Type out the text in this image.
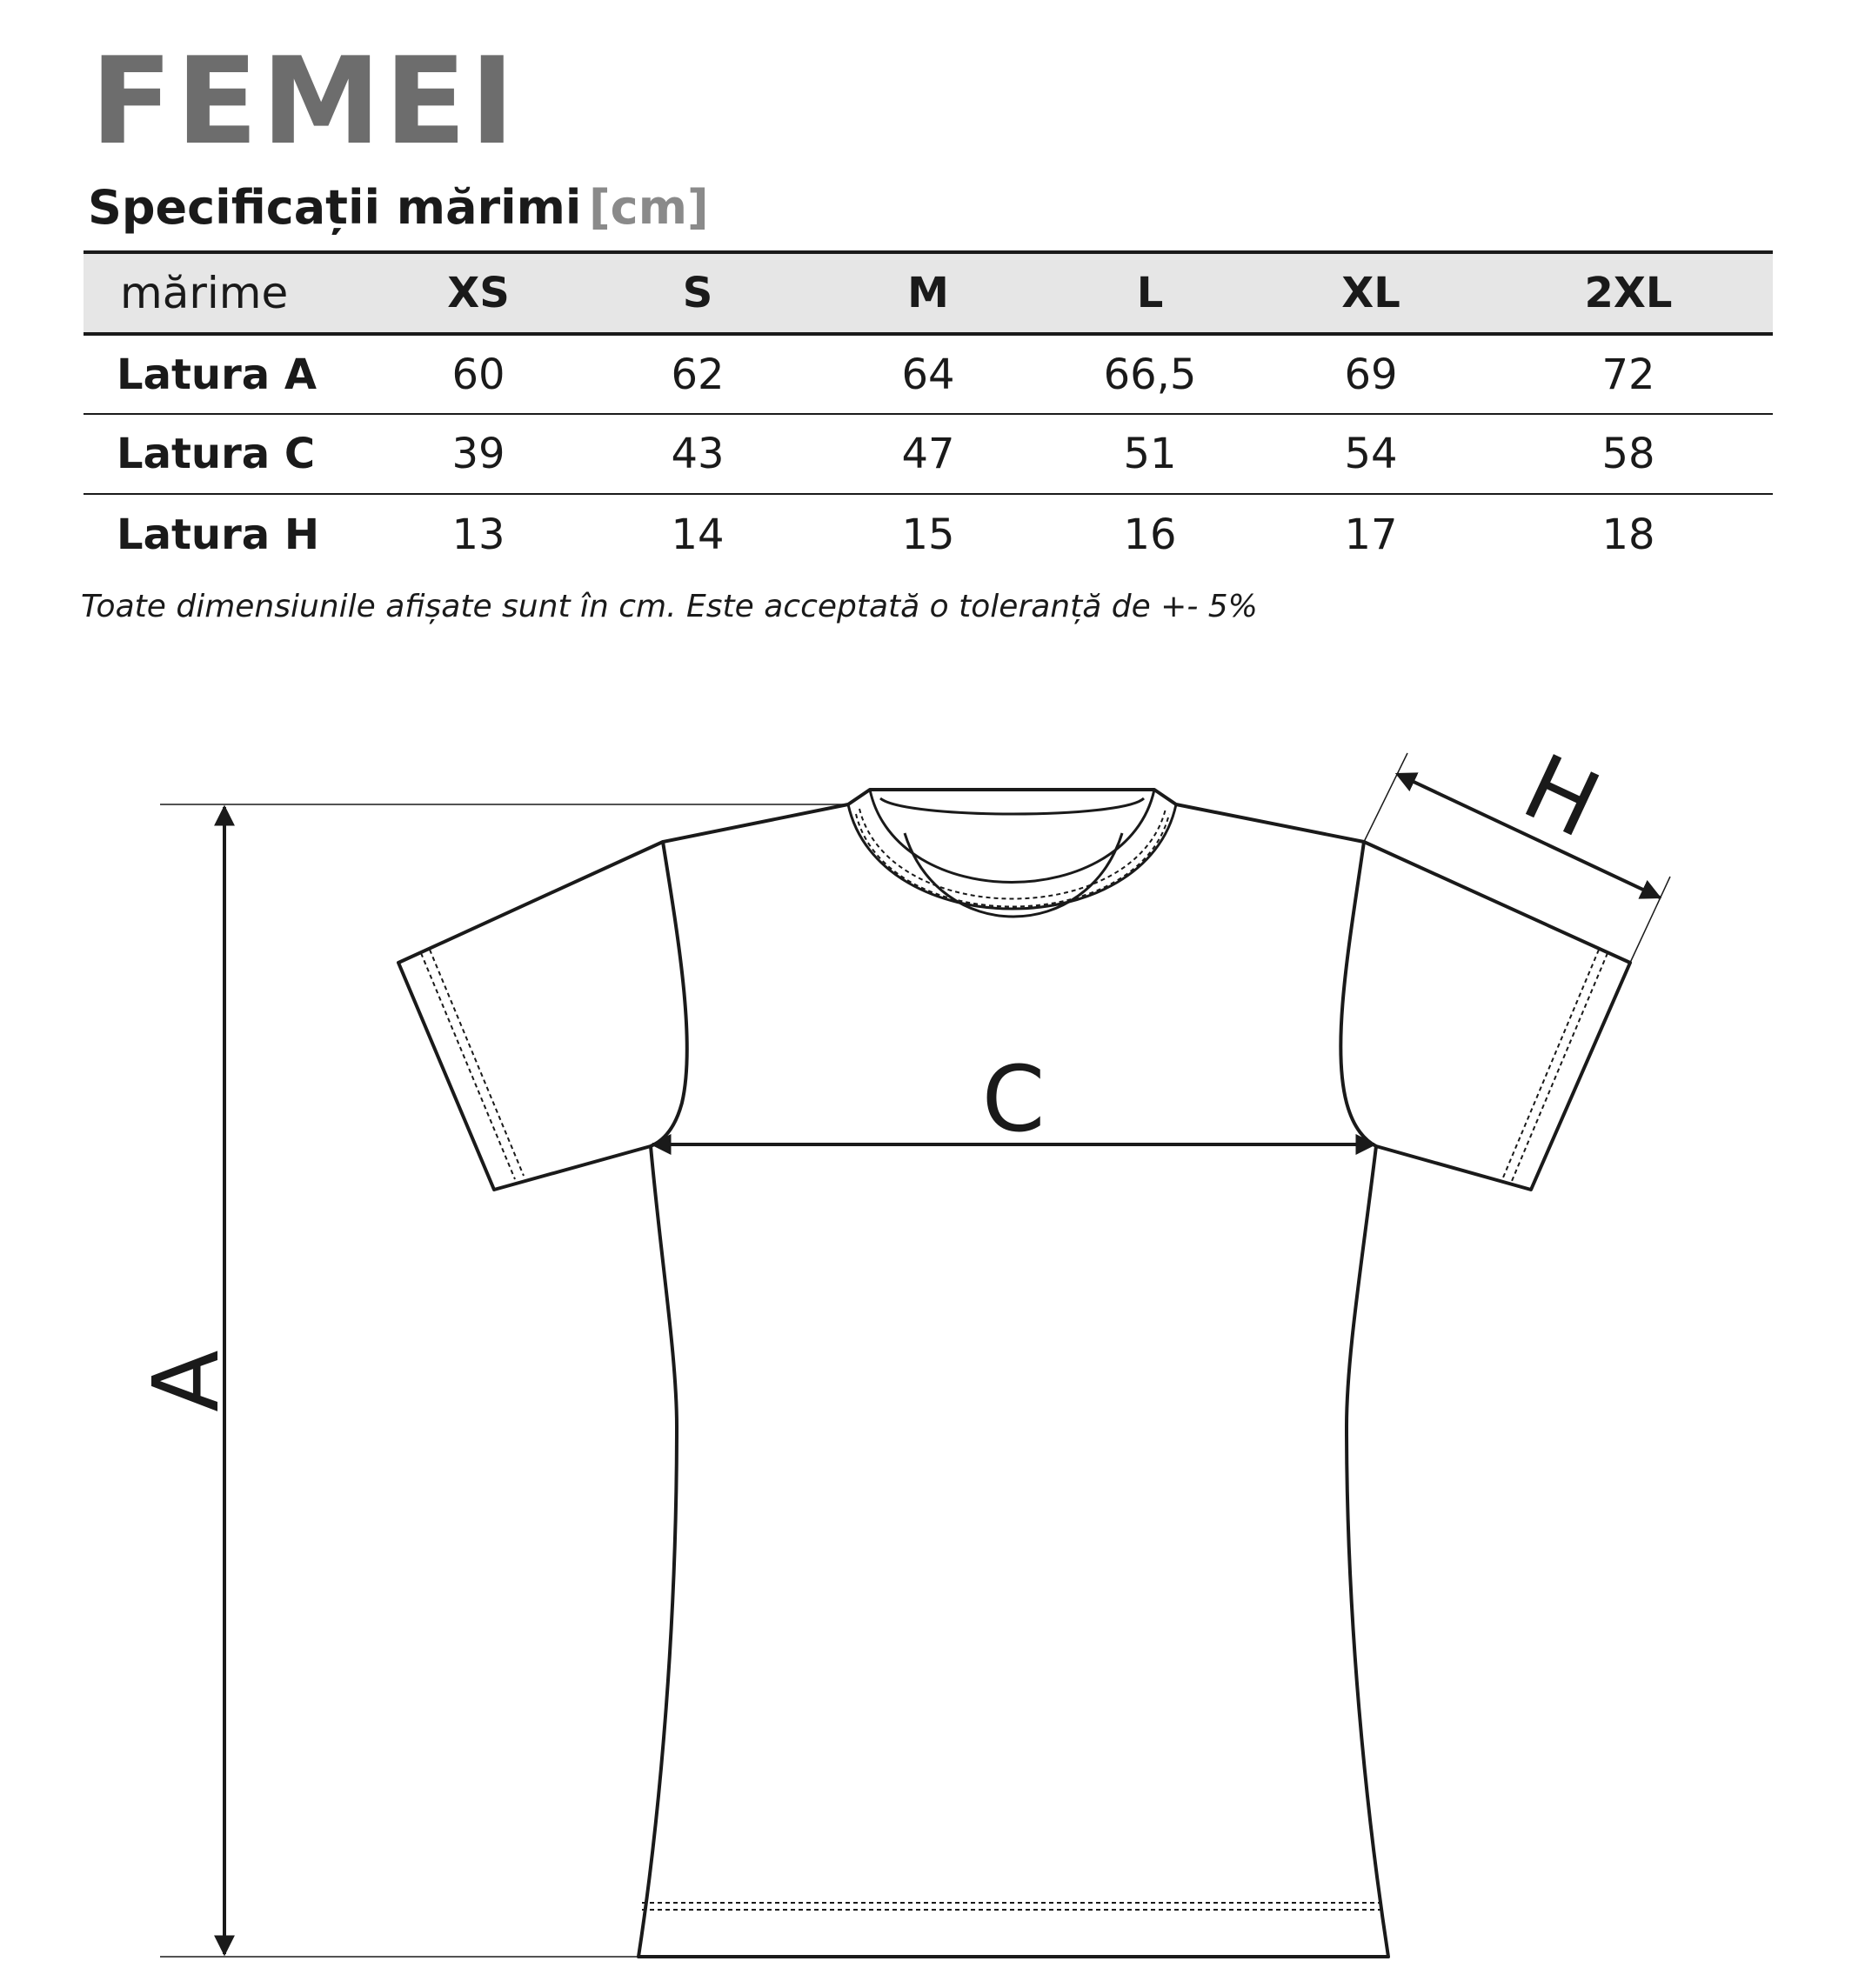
FEMEI
Specificații mărimi [cm]
mărime	XS	S	M	L	XL	2XL
Latura A	60	62	64	66,5	69	72
Latura C	39	43	47	51	54	58
Latura H	13	14	15	16	17	18
Toate dimensiunile afișate sunt în cm. Este acceptată o toleranță de +- 5%
A
C
H
